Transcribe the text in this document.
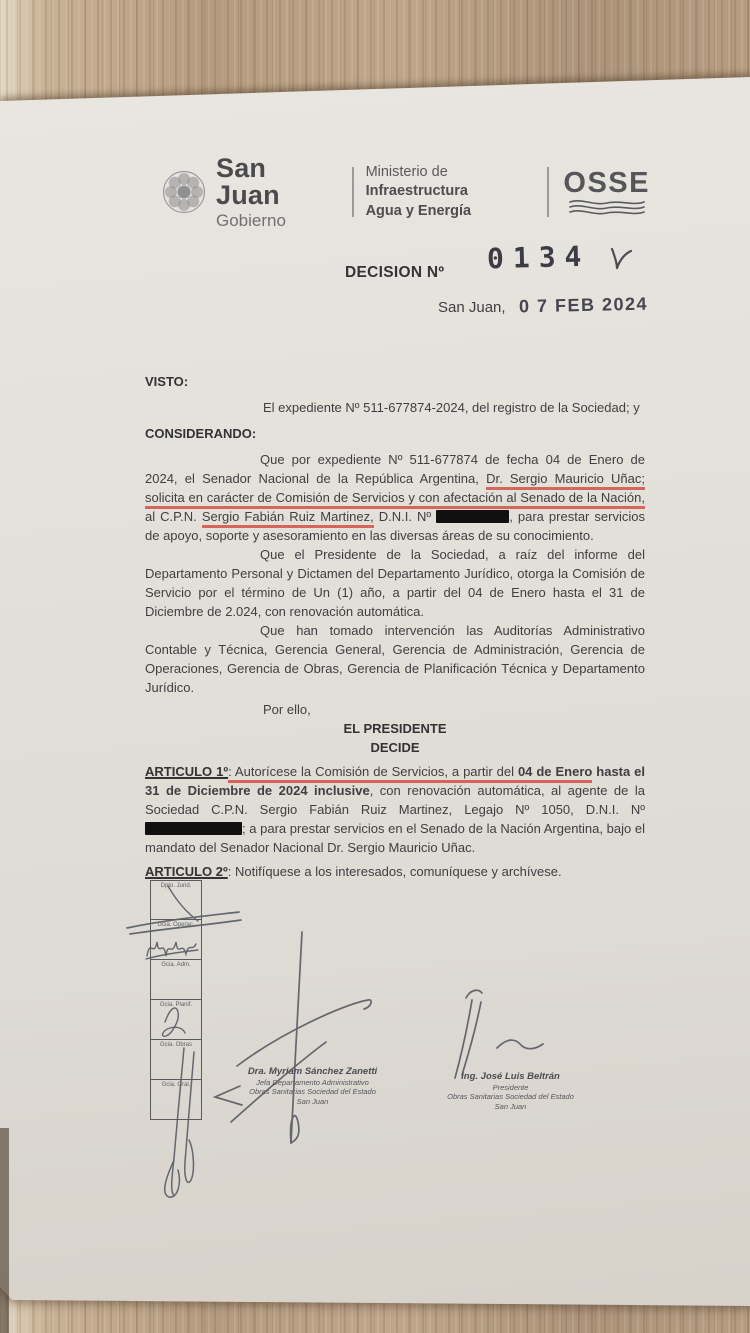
San Juan
Gobierno
Ministerio de Infraestructura
Agua y Energía
OSSE
DECISION Nº 0134
San Juan, 0 7 FEB 2024

VISTO:

El expediente Nº 511-677874-2024, del registro de la Sociedad; y

CONSIDERANDO:

Que por expediente Nº 511-677874 de fecha 04 de Enero de 2024, el Senador Nacional de la República Argentina, Dr. Sergio Mauricio Uñac; solicita en carácter de Comisión de Servicios y con afectación al Senado de la Nación, al C.P.N. Sergio Fabián Ruiz Martinez, D.N.I. Nº	, para prestar servicios de apoyo, soporte y asesoramiento en las diversas áreas de su conocimiento.

Que el Presidente de la Sociedad, a raíz del informe del Departamento Personal y Dictamen del Departamento Jurídico, otorga la Comisión de Servicio por el término de Un (1) año, a partir del 04 de Enero hasta el 31 de Diciembre de 2.024, con renovación automática.

Que han tomado intervención las Auditorías Administrativo Contable y Técnica, Gerencia General, Gerencia de Administración, Gerencia de Operaciones, Gerencia de Obras, Gerencia de Planificación Técnica y Departamento Jurídico.

Por ello,

EL PRESIDENTE

DECIDE

ARTICULO 1º: Autorícese la Comisión de Servicios, a partir del 04 de Enero hasta el 31 de Diciembre de 2024 inclusive, con renovación automática, al agente de la Sociedad C.P.N. Sergio Fabián Ruiz Martinez, Legajo Nº 1050, D.N.I. Nº; a para prestar servicios en el Senado de la Nación Argentina, bajo el mandato del Senador Nacional Dr. Sergio Mauricio Uñac.

ARTICULO 2º: Notifíquese a los interesados, comuníquese y archívese.

Dpto. Jurid.
Gcia. Operac.
Gcia. Adm.
Gcia. Planif.
Gcia. Obras
Gcia. Gral.
Dra. Myriam Sánchez Zanetti
Jefa Departamento Administrativo
Obras Sanitarias Sociedad del Estado
San Juan
Ing. José Luis Beltrán
Presidente
Obras Sanitarias Sociedad del Estado
San Juan
